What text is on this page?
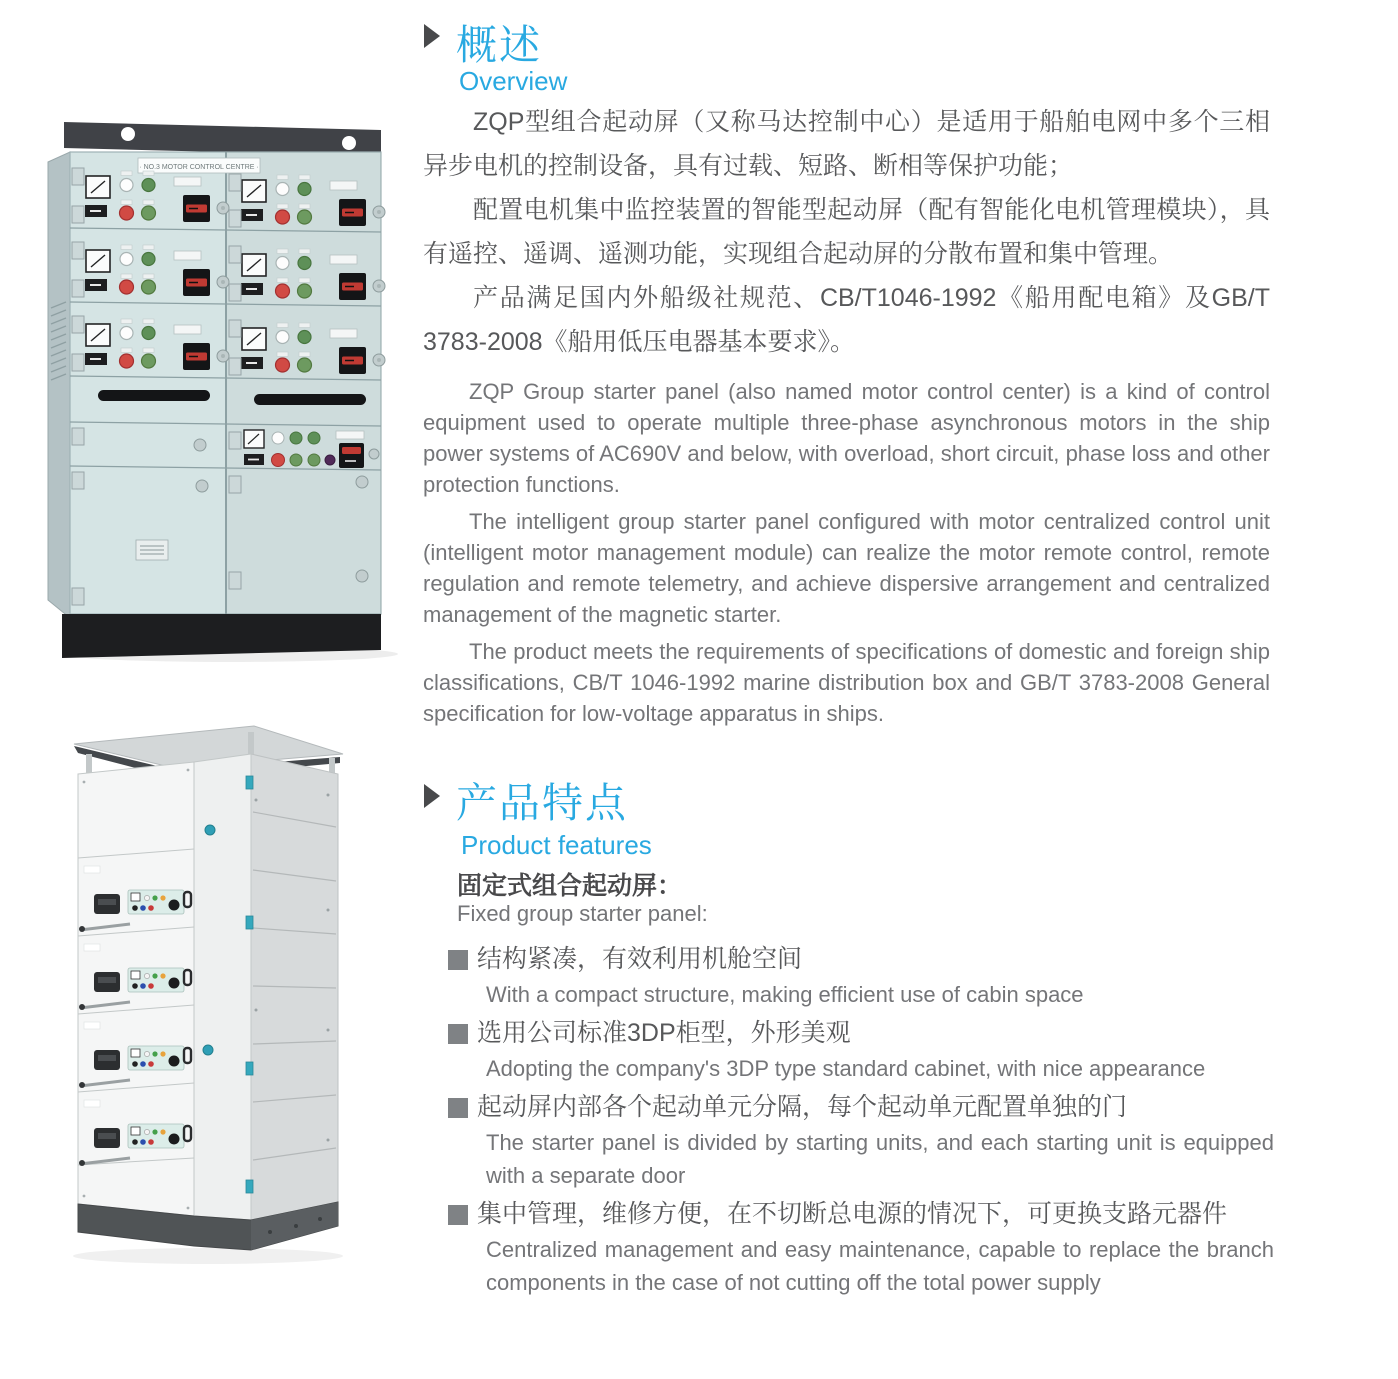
· NO.3 MOTOR CONTROL CENTRE ·
概述
Overview

ZQP型组合起动屏（又称马达控制中心）是适用于船舶电网中多个三相异步电机的控制设备，具有过载、短路、断相等保护功能；

配置电机集中监控装置的智能型起动屏（配有智能化电机管理模块），具有遥控、遥调、遥测功能，实现组合起动屏的分散布置和集中管理。

产品满足国内外船级社规范、CB/T1046-1992《船用配电箱》及GB/T 3783-2008《船用低压电器基本要求》。

ZQP Group starter panel (also named motor control center) is a kind of control equipment used to operate multiple three-phase asynchronous motors in the ship power systems of AC690V and below, with overload, short circuit, phase loss and other protection functions.

The intelligent group starter panel configured with motor centralized control unit (intelligent motor management module) can realize the motor remote control, remote regulation and remote telemetry, and achieve dispersive arrangement and centralized management of the magnetic starter.

The product meets the requirements of specifications of domestic and foreign ship classifications, CB/T 1046-1992 marine distribution box and GB/T 3783-2008 General specification for low-voltage apparatus in ships.

产品特点
Product features
固定式组合起动屏：
Fixed group starter panel:

结构紧凑，有效利用机舱空间

With a compact structure, making efficient use of cabin space

选用公司标准3DP柜型，外形美观

Adopting the company's 3DP type standard cabinet, with nice appearance

起动屏内部各个起动单元分隔，每个起动单元配置单独的门

The starter panel is divided by starting units, and each starting unit is equipped with a separate door

集中管理，维修方便，在不切断总电源的情况下，可更换支路元器件

Centralized management and easy maintenance, capable to replace the branch components in the case of not cutting off the total power supply
